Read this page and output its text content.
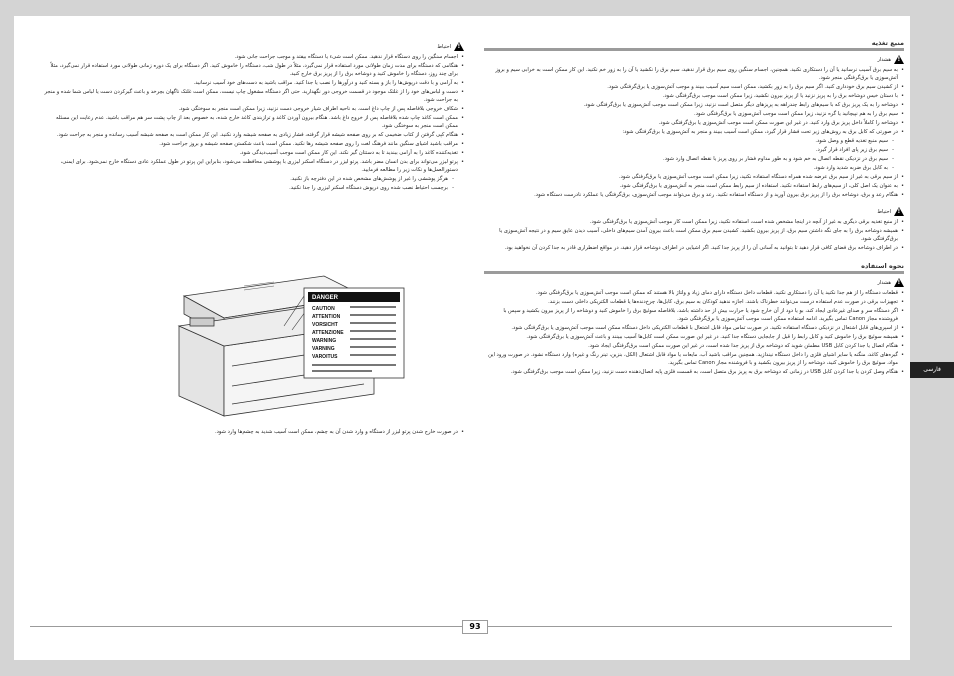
منبع تغذیه
!
هشدار
• به سیم برق آسیب نرسانید یا آن را دستکاری نکنید. همچنین، اجسام سنگین روی سیم برق قرار ندهید، سیم برق را نکشید یا آن را به زور خم نکنید. این کار ممکن است به خرابی سیم و بروز آتش‌سوزی یا برق‌گرفتگی منجر شود.
• از کشیدن سیم برق خودداری کنید. اگر سیم برق را به زور بکشید، ممکن است سیم آسیب ببیند و موجب آتش‌سوزی یا برق‌گرفتگی شود.
• با دستان خیس دوشاخه برق را به پریز نزنید یا از پریز بیرون نکشید، زیرا ممکن است موجب برق‌گرفتگی شود.
• دوشاخه را به یک پریز برق که با سیم‌های رابط چندراهه به پریزهای دیگر متصل است نزنید، زیرا ممکن است موجب آتش‌سوزی یا برق‌گرفتگی شود.
• سیم برق را به هم نپیچانید یا گره نزنید، زیرا ممکن است موجب آتش‌سوزی یا برق‌گرفتگی شود.
• دوشاخه را کاملاً داخل پریز برق وارد کنید. در غیر این صورت ممکن است موجب آتش‌سوزی یا برق‌گرفتگی شود.
• در صورتی که کابل برق به روش‌های زیر تحت فشار قرار گیرد، ممکن است آسیب ببیند و منجر به آتش‌سوزی یا برق‌گرفتگی شود:
- سیم منبع تغذیه قطع و وصل شود.
- سیم برق زیر پای افراد قرار گیرد.
- سیم برق در نزدیکی نقطه اتصال به خم شود و به طور مداوم فشار بر روی پریز یا نقطه اتصال وارد شود.
- به کابل برق ضربه شدید وارد شود.
• از سیم برقی به غیر از سیم برق عرضه شده همراه دستگاه استفاده نکنید، زیرا ممکن است موجب آتش‌سوزی یا برق‌گرفتگی شود.
• به عنوان یک اصل کلی، از سیم‌های رابط استفاده نکنید. استفاده از سیم رابط ممکن است منجر به آتش‌سوزی یا برق‌گرفتگی شود.
• هنگام رعد و برق، دوشاخه برق را از پریز برق بیرون آورید و از دستگاه استفاده نکنید. رعد و برق می‌تواند موجب آتش‌سوزی، برق‌گرفتگی یا عملکرد نادرست دستگاه شود.
!
احتیاط
• از منبع تغذیه برقی دیگری به غیر از آنچه در اینجا مشخص شده است، استفاده نکنید، زیرا ممکن است کار موجب آتش‌سوزی یا برق‌گرفتگی شود.
• همیشه دوشاخه برق را به جای نگه داشتن سیم برق، از پریز بیرون بکشید. کشیدن سیم برق ممکن است باعث بیرون آمدن سیم‌های داخلی، آسیب دیدن عایق سیم و در نتیجه آتش‌سوزی یا برق‌گرفتگی شود.
• در اطراف دوشاخه برق فضای کافی قرار دهید تا بتوانید به آسانی آن را از پریز جدا کنید. اگر اشیایی در اطراف دوشاخه قرار دهید، در مواقع اضطراری قادر به جدا کردن آن نخواهید بود.
نحوه استفاده
!
هشدار
• قطعات دستگاه را از هم جدا نکنید یا آن را دستکاری نکنید. قطعات داخل دستگاه دارای دمای زیاد و ولتاژ بالا هستند که ممکن است موجب آتش‌سوزی یا برق‌گرفتگی شود.
• تجهیزات برقی در صورت عدم استفاده درست می‌توانند خطرناک باشند. اجازه ندهید کودکان به سیم برق، کابل‌ها، چرخ‌دنده‌ها یا قطعات الکتریکی داخلی دست بزنند.
• اگر دستگاه سر و صدای غیرعادی ایجاد کند، بو یا دود از آن خارج شود یا حرارت بیش از حد داشته باشد، بلافاصله سوئیچ برق را خاموش کنید و دوشاخه را از پریز بیرون بکشید و سپس با فروشنده مجاز Canon تماس بگیرید. ادامه استفاده ممکن است موجب آتش‌سوزی یا برق‌گرفتگی شود.
• از اسپری‌های قابل اشتعال در نزدیکی دستگاه استفاده نکنید. در صورت تماس مواد قابل اشتعال با قطعات الکتریکی داخل دستگاه ممکن است موجب آتش‌سوزی یا برق‌گرفتگی شود.
• همیشه سوئیچ برق را خاموش کنید و کابل رابط را قبل از جابجایی دستگاه جدا کنید. در غیر این صورت ممکن است کابل‌ها آسیب ببینند و باعث آتش‌سوزی یا برق‌گرفتگی شود.
• هنگام اتصال یا جدا کردن کابل USB مطمئن شوید که دوشاخه برق از پریز جدا شده است، در غیر این صورت ممکن است برق‌گرفتگی ایجاد شود.
• گیره‌های کاغذ، منگنه یا سایر اشیای فلزی را داخل دستگاه نیندازید. همچنین مراقب باشید آب، مایعات یا مواد قابل اشتعال (الکل، بنزین، تینر رنگ و غیره) وارد دستگاه نشود. در صورت ورود این مواد، سوئیچ برق را خاموش کنید، دوشاخه را از پریز بیرون بکشید و با فروشنده مجاز Canon تماس بگیرید.
• هنگام وصل کردن یا جدا کردن کابل USB در زمانی که دوشاخه برق به پریز برق متصل است، به قسمت فلزی پایه اتصال‌دهنده دست نزنید، زیرا ممکن است موجب برق‌گرفتگی شود.
!
احتیاط
• اجسام سنگین را روی دستگاه قرار ندهید. ممکن است شیء یا دستگاه بیفتد و موجب جراحت جانی شود.
• هنگامی که دستگاه برای مدت زمان طولانی مورد استفاده قرار نمی‌گیرد، مثلاً در طول شب، دستگاه را خاموش کنید. اگر دستگاه برای یک دوره زمانی طولانی مورد استفاده قرار نمی‌گیرد، مثلاً برای چند روز، دستگاه را خاموش کنید و دوشاخه برق را از پریز برق خارج کنید.
• به آرامی و با دقت درپوش‌ها را باز و بسته کنید و درآورها را نصب یا جدا کنید. مراقب باشید به دست‌های خود آسیب نرسانید.
• دست و لباس‌های خود را از غلتک موجود در قسمت خروجی دور نگهدارید. حتی اگر دستگاه مشغول چاپ نیست، ممکن است غلتک ناگهان بچرخد و باعث گیرکردن دست یا لباس شما شده و منجر به جراحت شود.
• شکاف خروجی بلافاصله پس از چاپ داغ است. به ناحیه اطراف شیار خروجی دست نزنید، زیرا ممکن است منجر به سوختگی شود.
• ممکن است کاغذ چاپ شده بلافاصله پس از خروج داغ باشد. هنگام بیرون آوردن کاغذ و ترازبندی کاغذ خارج شده، به خصوص بعد از چاپ پشت سر هم مراقب باشید. عدم رعایت این مسئله ممکن است منجر به سوختگی شود.
• هنگام کپی گرفتن از کتاب ضخیمی که بر روی صفحه شیشه قرار گرفته، فشار زیادی به صفحه شیشه وارد نکنید. این کار ممکن است به صفحه شیشه آسیب رسانده و منجر به جراحت شود.
• مراقب باشید اشیای سنگین مانند فرهنگ لغت را روی صفحه شیشه رها نکنید. ممکن است باعث شکستن صفحه شیشه و بروز جراحت شود.
• تغذیه‌کننده کاغذ را به آرامی ببندید تا به دستتان گیر نکند. این کار ممکن است موجب آسیب‌دیدگی شود.
• پرتو لیزر می‌تواند برای بدن انسان مضر باشد. پرتو لیزر در دستگاه اسکنر لیزری با پوششی محافظت می‌شود، بنابراین این پرتو در طول عملکرد عادی دستگاه خارج نمی‌شود. برای ایمنی، دستورالعمل‌ها و نکات زیر را مطالعه فرمایید.
- هرگز پوششی را غیر از پوشش‌های مشخص شده در این دفترچه باز نکنید.
- برچسب احتیاط نصب شده روی درپوش دستگاه اسکنر لیزری را جدا نکنید.
DANGER
CAUTION
ATTENTION
VORSICHT
ATTENZIONE
WARNING
VARNING
VAROITUS
• در صورت خارج شدن پرتو لیزر از دستگاه و وارد شدن آن به چشم، ممکن است آسیب شدید به چشم‌ها وارد شود.
فارسی
93
